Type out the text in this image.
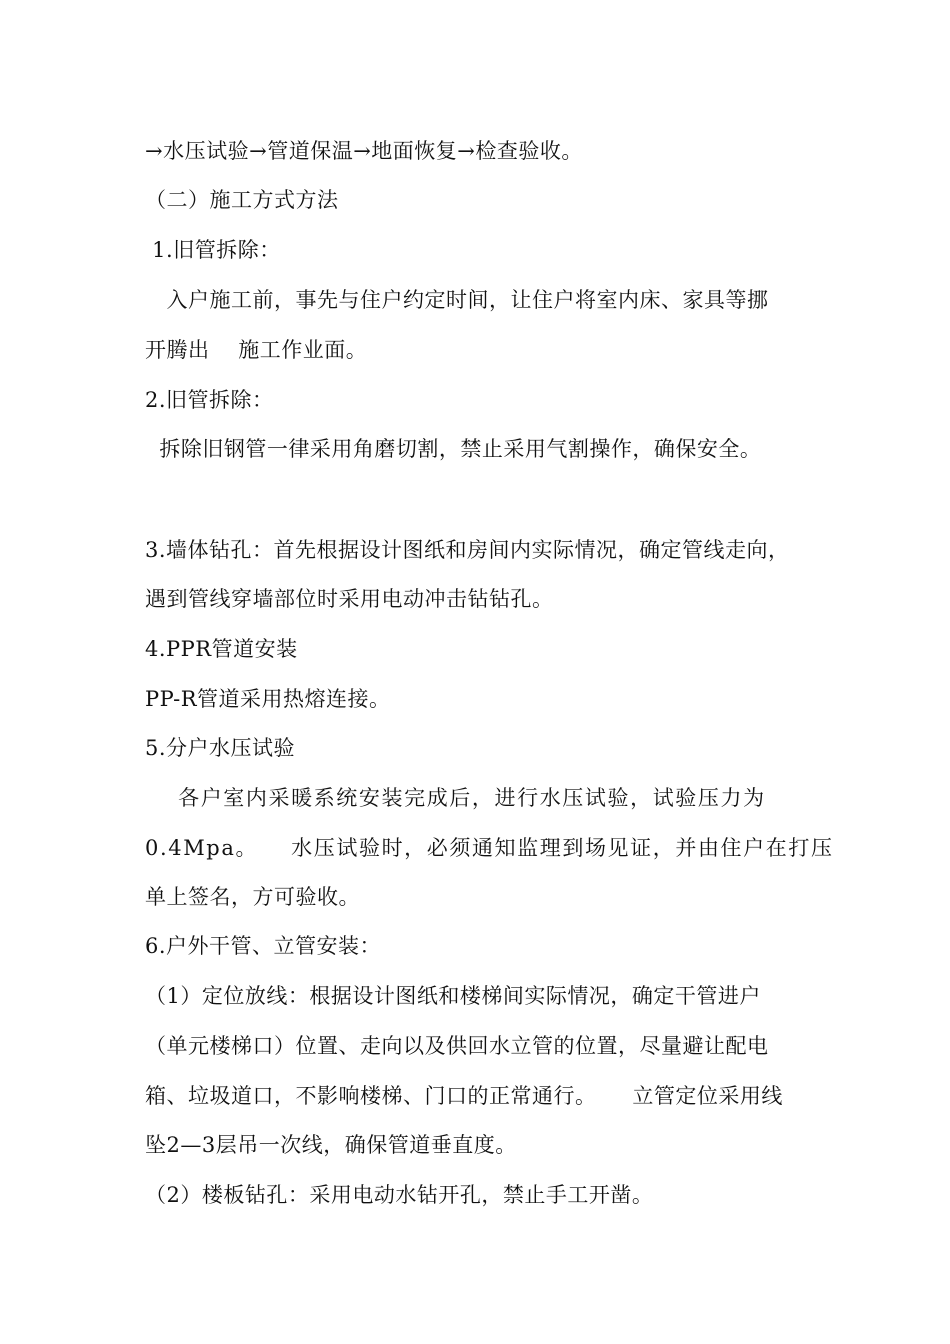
→水压试验→管道保温→地面恢复→检查验收。
（二）施工方式方法
1.旧管拆除：
入户施工前，事先与住户约定时间，让住户将室内床、家具等挪
开腾出    施工作业面。
2.旧管拆除：
拆除旧钢管一律采用角磨切割，禁止采用气割操作，确保安全。
3.墙体钻孔：首先根据设计图纸和房间内实际情况，确定管线走向，
遇到管线穿墙部位时采用电动冲击钻钻孔。
4.PPR管道安装
PP-R管道采用热熔连接。
5.分户水压试验
各户室内采暖系统安装完成后，进行水压试验，试验压力为
0.4Mpa。    水压试验时，必须通知监理到场见证，并由住户在打压
单上签名，方可验收。
6.户外干管、立管安装：
（1）定位放线：根据设计图纸和楼梯间实际情况，确定干管进户
（单元楼梯口）位置、走向以及供回水立管的位置，尽量避让配电
箱、垃圾道口，不影响楼梯、门口的正常通行。     立管定位采用线
坠2—3层吊一次线，确保管道垂直度。
（2）楼板钻孔：采用电动水钻开孔，禁止手工开凿。
